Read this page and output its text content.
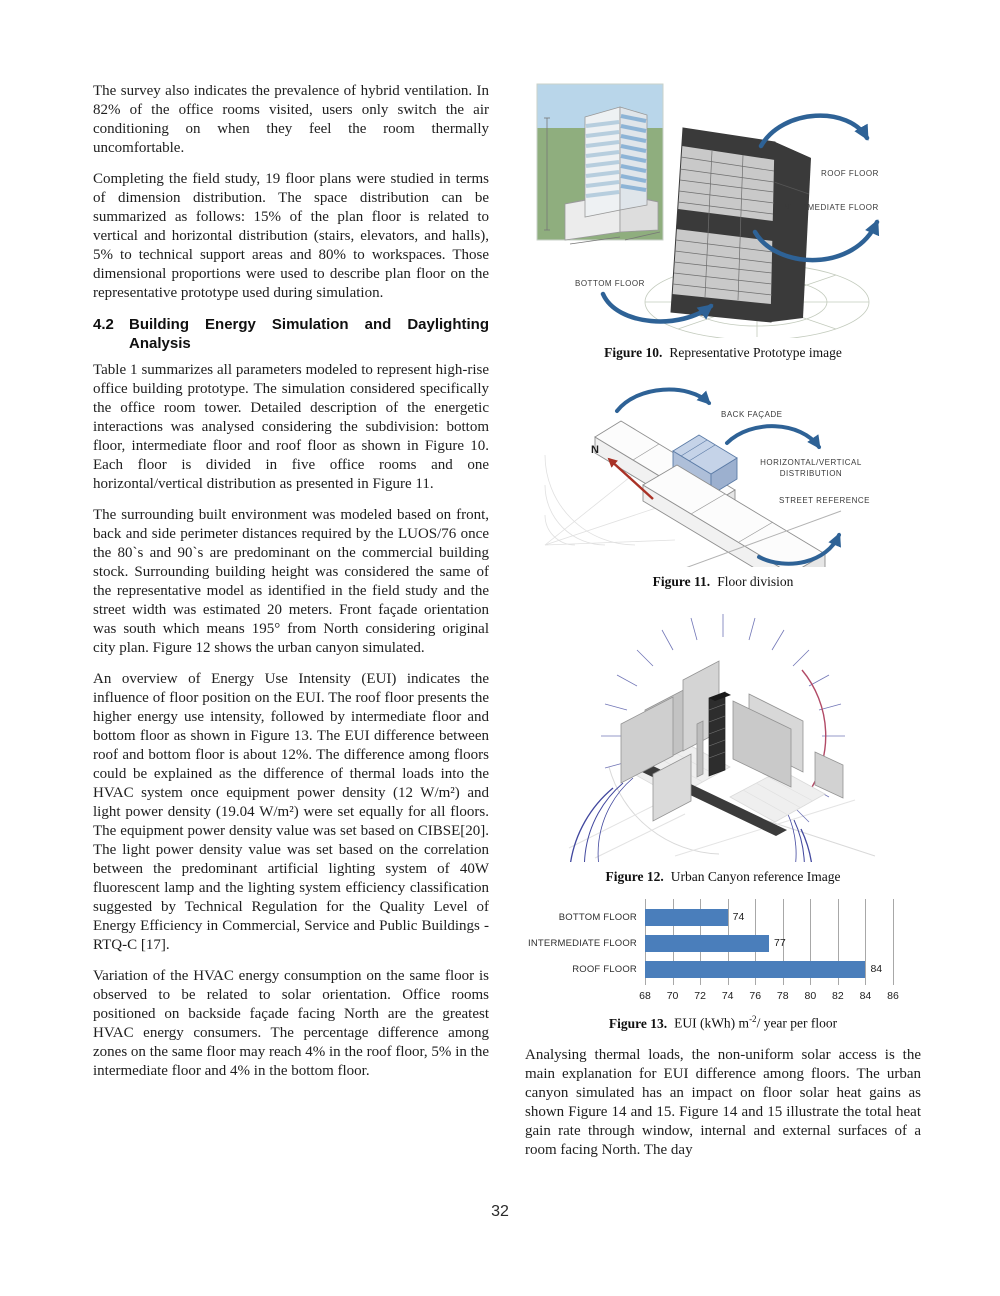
The survey also indicates the prevalence of hybrid ventilation. In 82% of the office rooms visited, users only switch the air conditioning on when they feel the room thermally uncomfortable.

Completing the field study, 19 floor plans were studied in terms of dimension distribution. The space distribution can be summarized as follows: 15% of the plan floor is related to vertical and horizontal distribution (stairs, elevators, and halls), 5% to technical support areas and 80% to workspaces. Those dimensional proportions were used to describe plan floor on the representative prototype used during simulation.

4.2	Building Energy Simulation and Daylighting Analysis

Table 1 summarizes all parameters modeled to represent high-rise office building prototype. The simulation considered specifically the office room tower. Detailed description of the energetic interactions was analysed considering the subdivision: bottom floor, intermediate floor and roof floor as shown in Figure 10. Each floor is divided in five office rooms and one horizontal/vertical distribution as presented in Figure 11.

The surrounding built environment was modeled based on front, back and side perimeter distances required by the LUOS/76 once the 80`s and 90`s are predominant on the commercial building stock. Surrounding building height was considered the same of the representative model as identified in the field study and the street width was estimated 20 meters. Front façade orientation was south which means 195° from North considering original city plan. Figure 12 shows the urban canyon simulated.

An overview of Energy Use Intensity (EUI) indicates the influence of floor position on the EUI. The roof floor presents the higher energy use intensity, followed by intermediate floor and bottom floor as shown in Figure 13. The EUI difference between roof and bottom floor is about 12%. The difference among floors could be explained as the difference of thermal loads into the HVAC system once equipment power density (12 W/m²) and light power density (19.04 W/m²) were set equally for all floors. The equipment power density value was set based on CIBSE[20]. The light power density value was set based on the correlation between the predominant artificial lighting system of 40W fluorescent lamp and the lighting system efficiency classification suggested by Technical Regulation for the Quality Level of Energy Efficiency in Commercial, Service and Public Buildings -RTQ-C [17].

Variation of the HVAC energy consumption on the same floor is observed to be related to solar orientation. Office rooms positioned on backside façade facing North are the greatest HVAC energy consumers. The percentage difference among zones on the same floor may reach 4% in the roof floor, 5% in the intermediate floor and 4% in the bottom floor.

ROOF FLOOR
INTERMEDIATE FLOOR
BOTTOM FLOOR
Figure 10. Representative Prototype image
N
BACK FAÇADE
HORIZONTAL/VERTICAL
DISTRIBUTION
STREET REFERENCE
Figure 11. Floor division
Figure 12. Urban Canyon reference Image
BOTTOM FLOOR
INTERMEDIATE FLOOR
ROOF FLOOR
74
77
84
68 70 72 74 76 78 80 82 84 86
Figure 13. EUI (kWh) $m^{-2}/$ year per floor

Analysing thermal loads, the non-uniform solar access is the main explanation for EUI difference among floors. The urban canyon simulated has an impact on floor solar heat gains as shown Figure 14 and 15. Figure 14 and 15 illustrate the total heat gain rate through window, internal and external surfaces of a room facing North. The day

32
